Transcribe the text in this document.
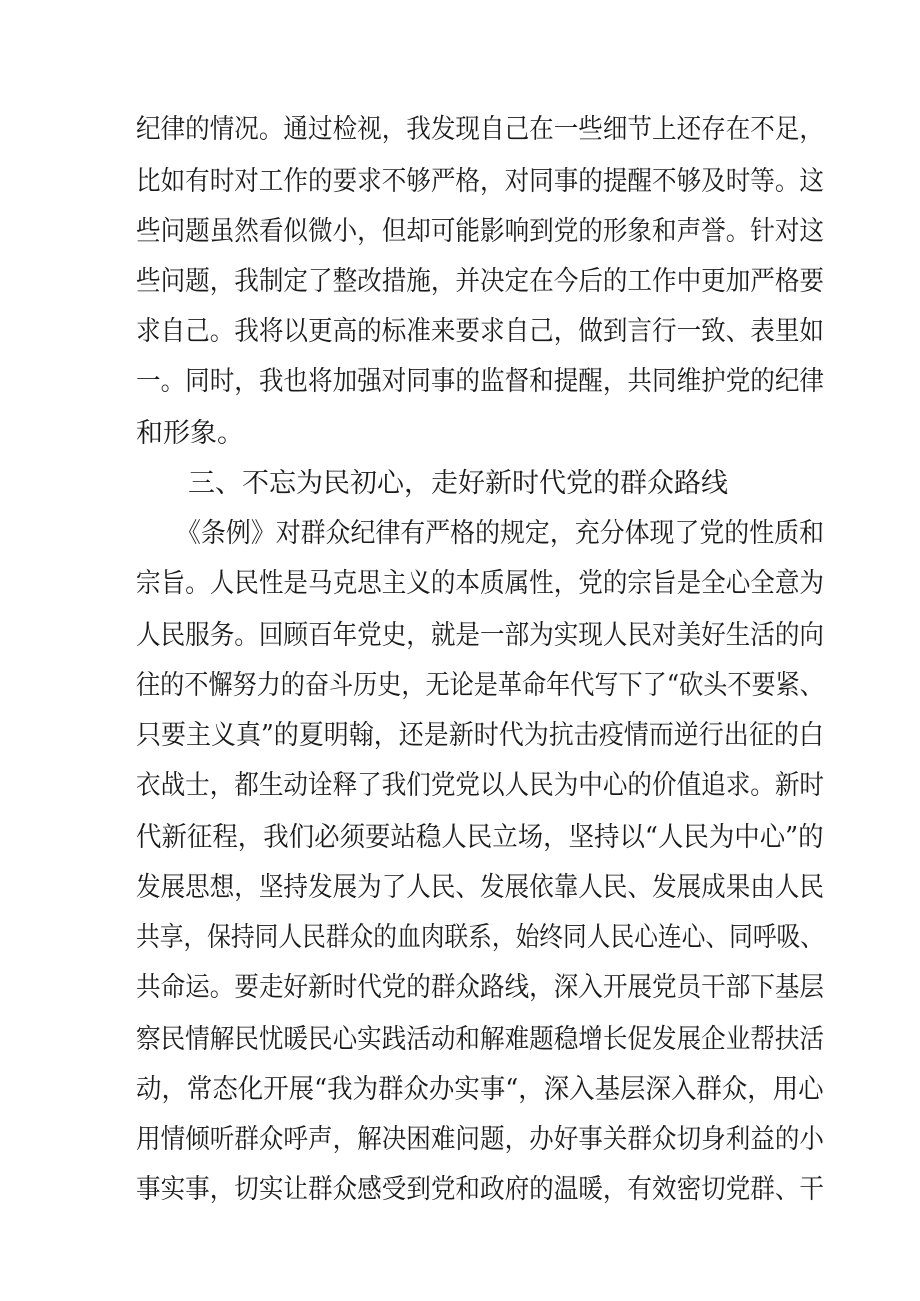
纪律的情况。通过检视，我发现自己在一些细节上还存在不足，
比如有时对工作的要求不够严格，对同事的提醒不够及时等。这
些问题虽然看似微小，但却可能影响到党的形象和声誉。针对这
些问题，我制定了整改措施，并决定在今后的工作中更加严格要
求自己。我将以更高的标准来要求自己，做到言行一致、表里如
一。同时，我也将加强对同事的监督和提醒，共同维护党的纪律
和形象。
三、不忘为民初心，走好新时代党的群众路线
《条例》对群众纪律有严格的规定，充分体现了党的性质和
宗旨。人民性是马克思主义的本质属性，党的宗旨是全心全意为
人民服务。回顾百年党史，就是一部为实现人民对美好生活的向
往的不懈努力的奋斗历史，无论是革命年代写下了“砍头不要紧、
只要主义真”的夏明翰，还是新时代为抗击疫情而逆行出征的白
衣战士，都生动诠释了我们党党以人民为中心的价值追求。新时
代新征程，我们必须要站稳人民立场，坚持以“人民为中心”的
发展思想，坚持发展为了人民、发展依靠人民、发展成果由人民
共享，保持同人民群众的血肉联系，始终同人民心连心、同呼吸、
共命运。要走好新时代党的群众路线，深入开展党员干部下基层
察民情解民忧暖民心实践活动和解难题稳增长促发展企业帮扶活
动，常态化开展“我为群众办实事“，深入基层深入群众，用心
用情倾听群众呼声，解决困难问题，办好事关群众切身利益的小
事实事，切实让群众感受到党和政府的温暖，有效密切党群、干
